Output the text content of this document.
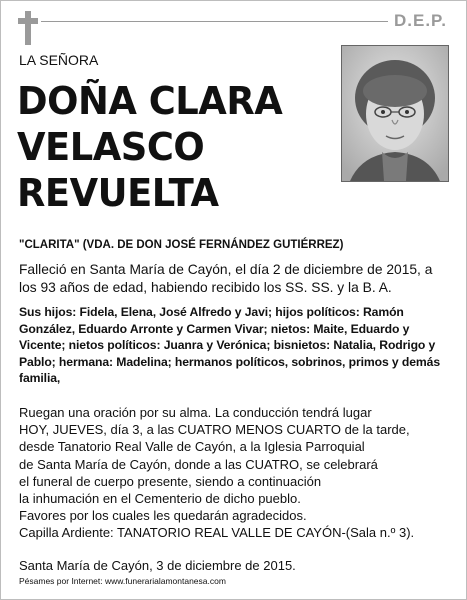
D.E.P.
LA SEÑORA
DOÑA CLARA
VELASCO
REVUELTA
"CLARITA" (VDA. DE DON JOSÉ FERNÁNDEZ GUTIÉRREZ)
Falleció en Santa María de Cayón, el día 2 de diciembre de 2015, a los 93 años de edad, habiendo recibido los SS. SS. y la B. A.
Sus hijos: Fidela, Elena, José Alfredo y Javi; hijos políticos: Ramón González, Eduardo Arronte y Carmen Vivar; nietos: Maite, Eduardo y Vicente; nietos políticos: Juanra y Verónica; bisnietos: Natalia, Rodrigo y Pablo; hermana: Madelina; hermanos políticos, sobrinos, primos y demás familia,
Ruegan una oración por su alma. La conducción tendrá lugar
HOY, JUEVES, día 3, a las CUATRO MENOS CUARTO de la tarde,
desde Tanatorio Real Valle de Cayón, a la Iglesia Parroquial
de Santa María de Cayón, donde a las CUATRO, se celebrará
el funeral de cuerpo presente, siendo a continuación
la inhumación en el Cementerio de dicho pueblo.
Favores por los cuales les quedarán agradecidos.
Capilla Ardiente: TANATORIO REAL VALLE DE CAYÓN-(Sala n.º 3).
Santa María de Cayón, 3 de diciembre de 2015.
Pésames por Internet: www.funerarialamontanesa.com
